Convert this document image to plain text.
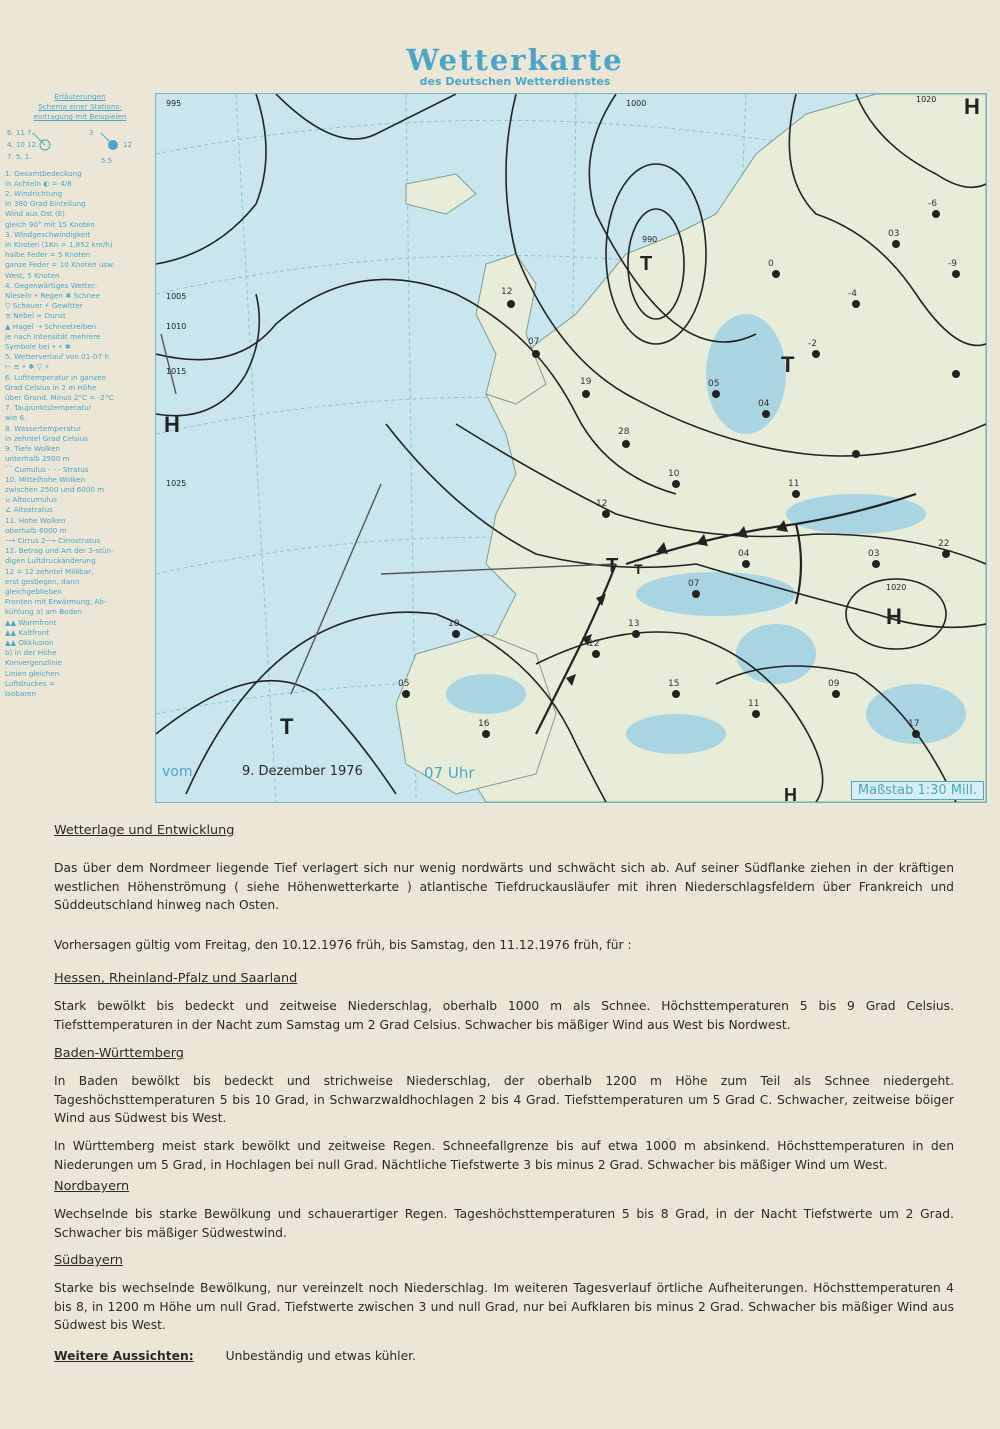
Wetterkarte
des Deutschen Wetterdienstes
Erläuterungen
Schema einer Stations-
eintragung mit Beispielen
6. 11 7.
4. 10 12.
7. 5. 1.
3
12
5.5
1. Gesamtbedeckung
in Achteln ◐ = 4/8
2. Windrichtung
in 360 Grad Einteilung
Wind aus Ost (E)
gleich 90° mit 15 Knoten
3. Windgeschwindigkeit
in Knoten (1Kn = 1,852 km/h)
halbe Feder = 5 Knoten
ganze Feder = 10 Knoten usw.
West, 5 Knoten
4. Gegenwärtiges Wetter:
Nieseln • Regen ✱ Schnee
▽ Schauer ⚡ Gewitter
≡ Nebel ∞ Dunst
▲ Hagel ⇢ Schneetreiben
je nach Intensität mehrere
Symbole bei • • ✱
5. Wetterverlauf von 01-07 h
⊢ ≡ • ✱ ▽ ⚡
6. Lufttemperatur in ganzen
Grad Celsius in 2 m Höhe
über Grund. Minus 2°C = -2°C
7. Taupunktstemperatur
wie 6.
8. Wassertemperatur
in zehntel Grad Celsius
9. Tiefe Wolken
unterhalb 2500 m
⌒ Cumulus - - - Stratus
10. Mittelhohe Wolken
zwischen 2500 und 6000 m
∪ Altocumulus
∠ Altostratus
11. Hohe Wolken
oberhalb 6000 m
⟶ Cirrus 2⟶ Cirrostratus
12. Betrag und Art der 3-stün-
digen Luftdruckänderung
12 = 12 zehntel Millibar,
erst gestiegen, dann
gleichgeblieben
Fronten mit Erwärmung, Ab-
kühlung a) am Boden
▲▲ Warmfront
▲▲ Kaltfront
▲▲ Okklusion
b) in der Höhe
Konvergenzlinie
Linien gleichen
Luftdruckes =
Isobaren
12
07
19
28
10
05
04
-2
-4
03
-6
11
04
07
13
12
15
11
09
17
10
05
16
03
22
0
12
-9
H
H
H
H
T
T
T
T
T
1000
995
1005
1010
1015
1020
1025
990
1020
vom	9. Dezember 1976	07 Uhr
Maßstab 1:30 Mill.
Wetterlage und Entwicklung

Das über dem Nordmeer liegende Tief verlagert sich nur wenig nordwärts und schwächt sich ab. Auf seiner Südflanke ziehen in der kräftigen westlichen Höhenströmung ( siehe Höhenwetterkarte ) atlantische Tiefdruckausläufer mit ihren Niederschlagsfeldern über Frankreich und Süddeutschland hinweg nach Osten.

Vorhersagen gültig vom Freitag, den 10.12.1976 früh, bis Samstag, den 11.12.1976 früh, für :
Hessen, Rheinland-Pfalz und Saarland

Stark bewölkt bis bedeckt und zeitweise Niederschlag, oberhalb 1000 m als Schnee. Höchsttemperaturen 5 bis 9 Grad Celsius. Tiefsttemperaturen in der Nacht zum Samstag um 2 Grad Celsius. Schwacher bis mäßiger Wind aus West bis Nordwest.

Baden-Württemberg

In Baden bewölkt bis bedeckt und strichweise Niederschlag, der oberhalb 1200 m Höhe zum Teil als Schnee niedergeht. Tageshöchsttemperaturen 5 bis 10 Grad, in Schwarzwaldhochlagen 2 bis 4 Grad. Tiefsttemperaturen um 5 Grad C. Schwacher, zeitweise böiger Wind aus Südwest bis West.

In Württemberg meist stark bewölkt und zeitweise Regen. Schneefallgrenze bis auf etwa 1000 m absinkend. Höchsttemperaturen in den Niederungen um 5 Grad, in Hochlagen bei null Grad. Nächtliche Tiefstwerte 3 bis minus 2 Grad. Schwacher bis mäßiger Wind um West.

Nordbayern

Wechselnde bis starke Bewölkung und schauerartiger Regen. Tageshöchsttemperaturen 5 bis 8 Grad, in der Nacht Tiefstwerte um 2 Grad. Schwacher bis mäßiger Südwestwind.

Südbayern

Starke bis wechselnde Bewölkung, nur vereinzelt noch Niederschlag. Im weiteren Tagesverlauf örtliche Aufheiterungen. Höchsttemperaturen 4 bis 8, in 1200 m Höhe um null Grad. Tiefstwerte zwischen 3 und null Grad, nur bei Aufklaren bis minus 2 Grad. Schwacher bis mäßiger Wind aus Südwest bis West.

Weitere Aussichten:	Unbeständig und etwas kühler.
